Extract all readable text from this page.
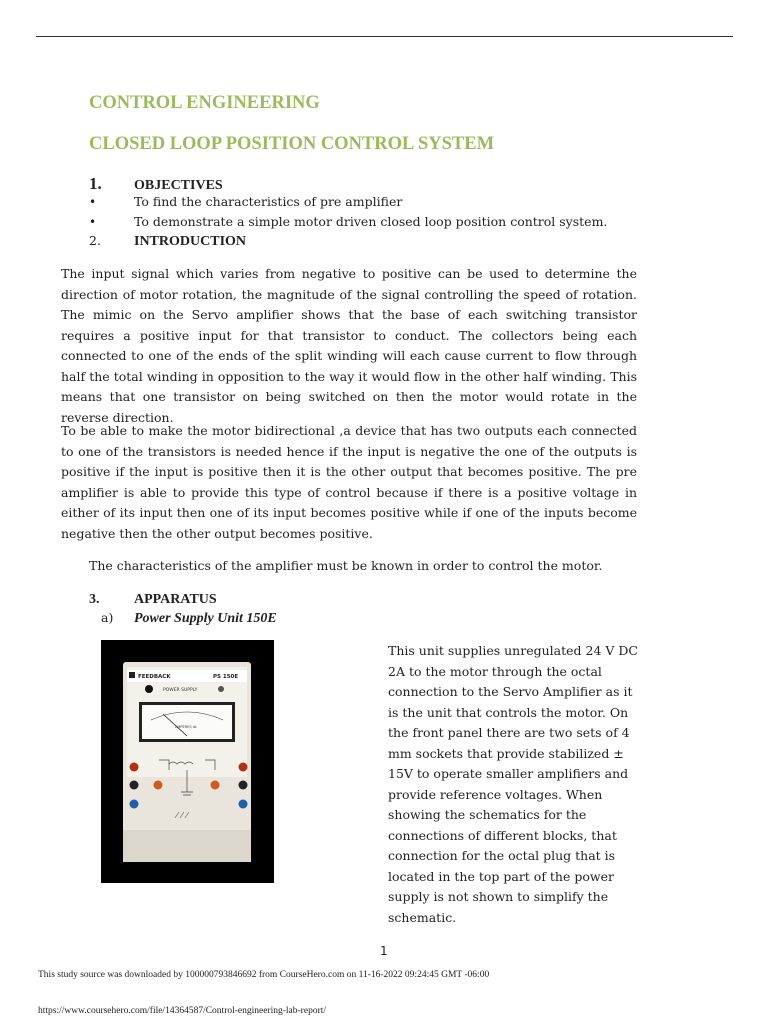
CONTROL ENGINEERING
CLOSED LOOP POSITION CONTROL SYSTEM
1. OBJECTIVES
•	To find the characteristics of pre amplifier
•	To demonstrate a simple motor driven closed loop position control system.
2. INTRODUCTION

The input signal which varies from negative to positive can be used to determine the direction of motor rotation, the magnitude of the signal controlling the speed of rotation. The mimic on the Servo amplifier shows that the base of each switching transistor requires a positive input for that transistor to conduct. The collectors being each connected to one of the ends of the split winding will each cause current to flow through half the total winding in opposition to the way it would flow in the other half winding. This means that one transistor on being switched on then the motor would rotate in the reverse direction.

To be able to make the motor bidirectional ,a device that has two outputs each connected to one of the transistors is needed hence if the input is negative the one of the outputs is positive if the input is positive then it is the other output that becomes positive. The pre amplifier is able to provide this type of control because if there is a positive voltage in either of its input then one of its input becomes positive while if one of the inputs become negative then the other output becomes positive.

The characteristics of the amplifier must be known in order to control the motor.

3. APPARATUS
a) Power Supply Unit 150E
FEEDBACK	PS 150E
POWER SUPPLY
AMPERES dc

This unit supplies unregulated 24 V DC 2A to the motor through the octal connection to the Servo Amplifier as it is the unit that controls the motor. On the front panel there are two sets of 4 mm sockets that provide stabilized ± 15V to operate smaller amplifiers and provide reference voltages. When showing the schematics for the connections of different blocks, that connection for the octal plug that is located in the top part of the power supply is not shown to simplify the schematic.

1
This study source was downloaded by 100000793846692 from CourseHero.com on 11-16-2022 09:24:45 GMT -06:00
https://www.coursehero.com/file/14364587/Control-engineering-lab-report/
